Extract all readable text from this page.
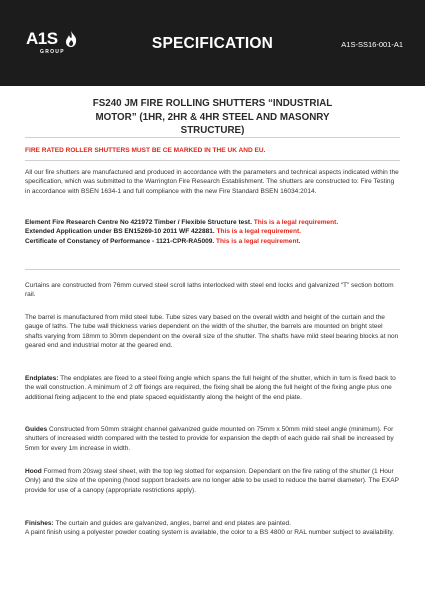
A1S
GROUP	SPECIFICATION	A1S-SS16-001-A1
FS240 JM FIRE ROLLING SHUTTERS “INDUSTRIAL
MOTOR” (1HR, 2HR & 4HR STEEL AND MASONRY
STRUCTURE)

FIRE RATED ROLLER SHUTTERS MUST BE CE MARKED IN THE UK AND EU.

All our fire shutters are manufactured and produced in accordance with the parameters and technical aspects indicated within the specification, which was submitted to the Warrington Fire Research Establishment. The shutters are constructed to: Fire Testing in accordance with BSEN 1634-1 and full compliance with the new Fire Standard BSEN 16034:2014.

Element Fire Research Centre No 421972 Timber / Flexible Structure test. This is a legal requirement.

Extended Application under BS EN15269-10 2011 WF 422881. This is a legal requirement.

Certificate of Constancy of Performance - 1121-CPR-RA5009. This is a legal requirement.

Curtains are constructed from 76mm curved steel scroll laths interlocked with steel end locks and galvanized “T” section bottom rail.

The barrel is manufactured from mild steel tube. Tube sizes vary based on the overall width and height of the curtain and the gauge of laths. The tube wall thickness varies dependent on the width of the shutter, the barrels are mounted on bright steel shafts varying from 18mm to 30mm dependent on the overall size of the shutter. The shafts have mild steel bearing blocks at non geared end and industrial motor at the geared end.

Endplates: The endplates are fixed to a steel fixing angle which spans the full height of the shutter, which in turn is fixed back to the wall construction. A minimum of 2 off fixings are required, the fixing shall be along the full height of the fixing angle plus one additional fixing adjacent to the end plate spaced equidistantly along the height of the end plate.

Guides Constructed from 50mm straight channel galvanized guide mounted on 75mm x 50mm mild steel angle (minimum). For shutters of increased width compared with the tested to provide for expansion the depth of each guide rail shall be increased by 5mm for every 1m increase in width.

Hood Formed from 20swg steel sheet, with the top leg slotted for expansion. Dependant on the fire rating of the shutter (1 Hour Only) and the size of the opening (hood support brackets are no longer able to be used to reduce the barrel diameter). The EXAP provide for use of a canopy (appropriate restrictions apply).

Finishes: The curtain and guides are galvanized, angles, barrel and end plates are painted.

A paint finish using a polyester powder coating system is available, the color to a BS 4800 or RAL number subject to availability.
